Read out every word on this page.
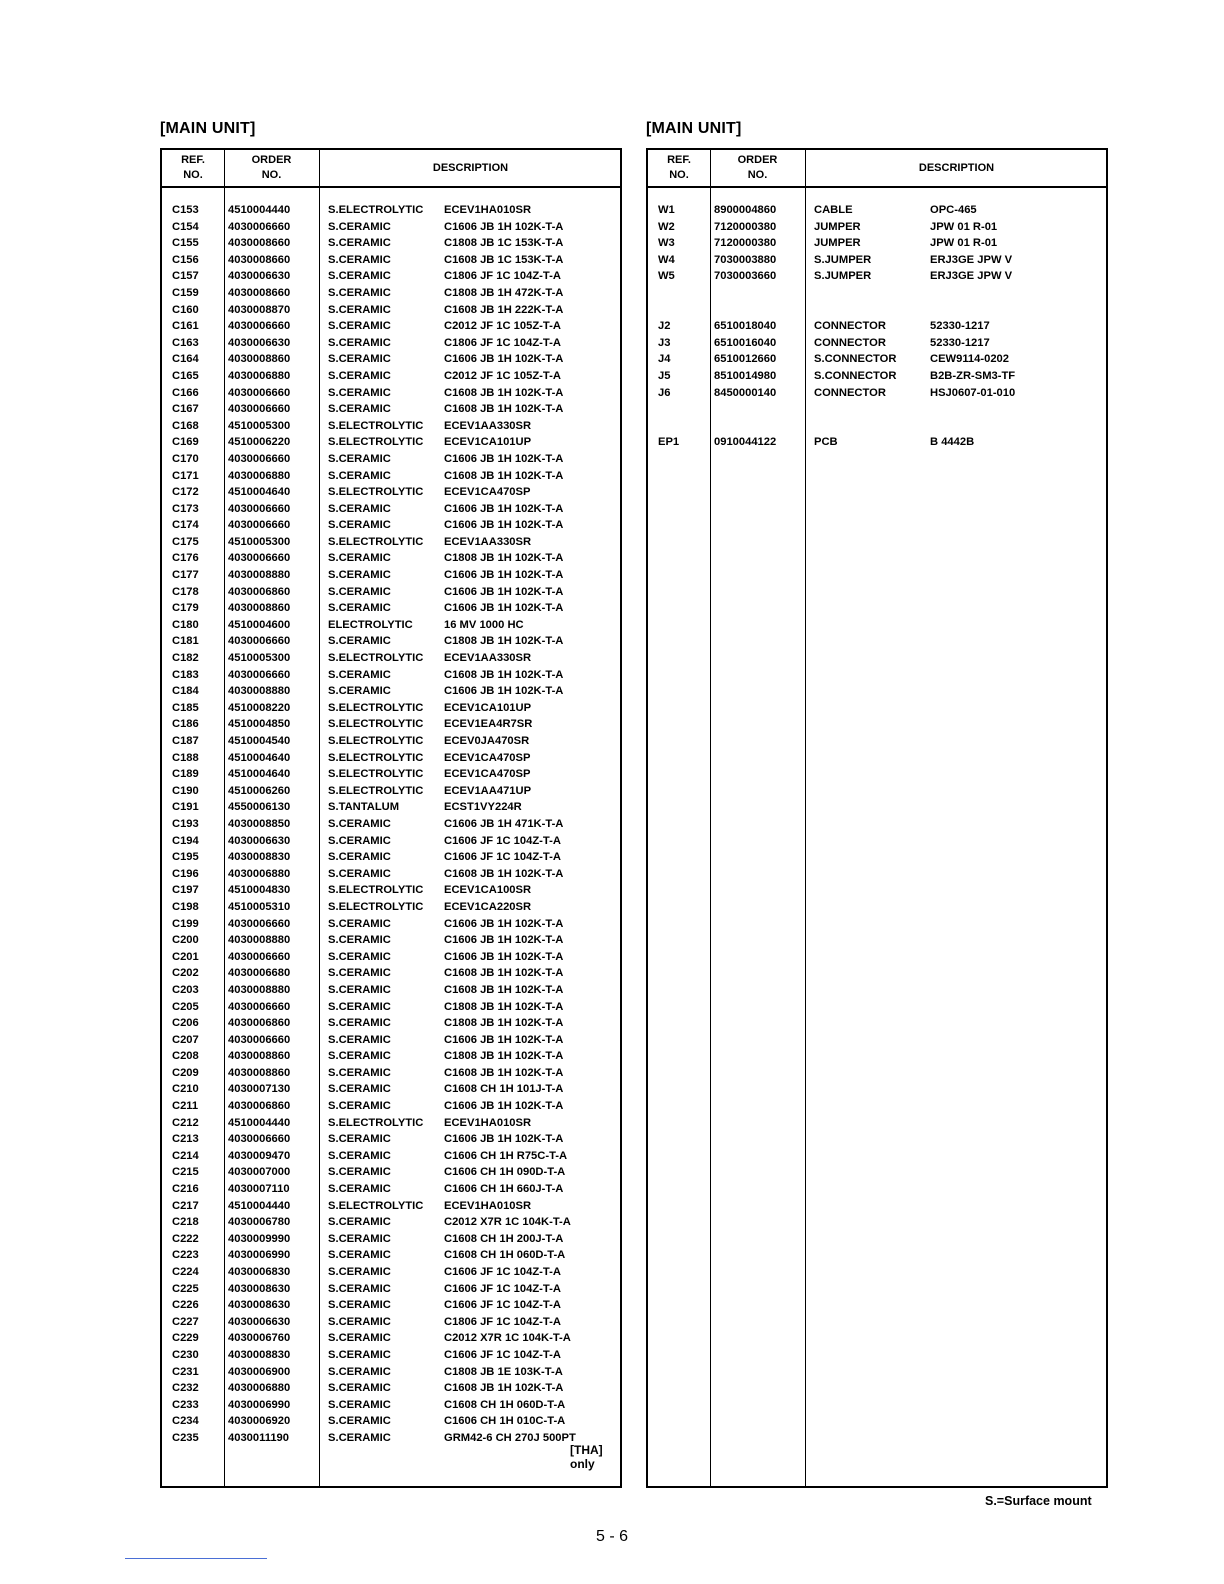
[MAIN UNIT]
REF.
NO.
ORDER
NO.
DESCRIPTION
C153	4510004440	S.ELECTROLYTIC ECEV1HA010SR
C154	4030006660	S.CERAMIC	C1606 JB 1H 102K-T-A
C155	4030008660	S.CERAMIC	C1808 JB 1C 153K-T-A
C156	4030008660	S.CERAMIC	C1608 JB 1C 153K-T-A
C157	4030006630	S.CERAMIC	C1806 JF 1C 104Z-T-A
C159	4030008660	S.CERAMIC	C1808 JB 1H 472K-T-A
C160	4030008870	S.CERAMIC	C1608 JB 1H 222K-T-A
C161	4030006660	S.CERAMIC	C2012 JF 1C 105Z-T-A
C163	4030006630	S.CERAMIC	C1806 JF 1C 104Z-T-A
C164	4030008860	S.CERAMIC	C1606 JB 1H 102K-T-A
C165	4030006880	S.CERAMIC	C2012 JF 1C 105Z-T-A
C166	4030006660	S.CERAMIC	C1608 JB 1H 102K-T-A
C167	4030006660	S.CERAMIC	C1608 JB 1H 102K-T-A
C168	4510005300	S.ELECTROLYTIC ECEV1AA330SR
C169	4510006220	S.ELECTROLYTIC ECEV1CA101UP
C170	4030006660	S.CERAMIC	C1606 JB 1H 102K-T-A
C171	4030006880	S.CERAMIC	C1608 JB 1H 102K-T-A
C172	4510004640	S.ELECTROLYTIC ECEV1CA470SP
C173	4030006660	S.CERAMIC	C1606 JB 1H 102K-T-A
C174	4030006660	S.CERAMIC	C1606 JB 1H 102K-T-A
C175	4510005300	S.ELECTROLYTIC ECEV1AA330SR
C176	4030006660	S.CERAMIC	C1808 JB 1H 102K-T-A
C177	4030008880	S.CERAMIC	C1606 JB 1H 102K-T-A
C178	4030006860	S.CERAMIC	C1606 JB 1H 102K-T-A
C179	4030008860	S.CERAMIC	C1606 JB 1H 102K-T-A
C180	4510004600	ELECTROLYTIC	16 MV 1000 HC
C181	4030006660	S.CERAMIC	C1808 JB 1H 102K-T-A
C182	4510005300	S.ELECTROLYTIC ECEV1AA330SR
C183	4030006660	S.CERAMIC	C1608 JB 1H 102K-T-A
C184	4030008880	S.CERAMIC	C1606 JB 1H 102K-T-A
C185	4510008220	S.ELECTROLYTIC ECEV1CA101UP
C186	4510004850	S.ELECTROLYTIC ECEV1EA4R7SR
C187	4510004540	S.ELECTROLYTIC ECEV0JA470SR
C188	4510004640	S.ELECTROLYTIC ECEV1CA470SP
C189	4510004640	S.ELECTROLYTIC ECEV1CA470SP
C190	4510006260	S.ELECTROLYTIC ECEV1AA471UP
C191	4550006130	S.TANTALUM	ECST1VY224R
C193	4030008850	S.CERAMIC	C1606 JB 1H 471K-T-A
C194	4030006630	S.CERAMIC	C1606 JF 1C 104Z-T-A
C195	4030008830	S.CERAMIC	C1606 JF 1C 104Z-T-A
C196	4030006880	S.CERAMIC	C1608 JB 1H 102K-T-A
C197	4510004830	S.ELECTROLYTIC ECEV1CA100SR
C198	4510005310	S.ELECTROLYTIC ECEV1CA220SR
C199	4030006660	S.CERAMIC	C1606 JB 1H 102K-T-A
C200	4030008880	S.CERAMIC	C1606 JB 1H 102K-T-A
C201	4030006660	S.CERAMIC	C1606 JB 1H 102K-T-A
C202	4030006680	S.CERAMIC	C1608 JB 1H 102K-T-A
C203	4030008880	S.CERAMIC	C1608 JB 1H 102K-T-A
C205	4030006660	S.CERAMIC	C1808 JB 1H 102K-T-A
C206	4030006860	S.CERAMIC	C1808 JB 1H 102K-T-A
C207	4030006660	S.CERAMIC	C1606 JB 1H 102K-T-A
C208	4030008860	S.CERAMIC	C1808 JB 1H 102K-T-A
C209	4030008860	S.CERAMIC	C1608 JB 1H 102K-T-A
C210	4030007130	S.CERAMIC	C1608 CH 1H 101J-T-A
C211	4030006860	S.CERAMIC	C1606 JB 1H 102K-T-A
C212	4510004440	S.ELECTROLYTIC ECEV1HA010SR
C213	4030006660	S.CERAMIC	C1606 JB 1H 102K-T-A
C214	4030009470	S.CERAMIC	C1606 CH 1H R75C-T-A
C215	4030007000	S.CERAMIC	C1606 CH 1H 090D-T-A
C216	4030007110	S.CERAMIC	C1606 CH 1H 660J-T-A
C217	4510004440	S.ELECTROLYTIC ECEV1HA010SR
C218	4030006780	S.CERAMIC	C2012 X7R 1C 104K-T-A
C222	4030009990	S.CERAMIC	C1608 CH 1H 200J-T-A
C223	4030006990	S.CERAMIC	C1608 CH 1H 060D-T-A
C224	4030006830	S.CERAMIC	C1606 JF 1C 104Z-T-A
C225	4030008630	S.CERAMIC	C1606 JF 1C 104Z-T-A
C226	4030008630	S.CERAMIC	C1606 JF 1C 104Z-T-A
C227	4030006630	S.CERAMIC	C1806 JF 1C 104Z-T-A
C229	4030006760	S.CERAMIC	C2012 X7R 1C 104K-T-A
C230	4030008830	S.CERAMIC	C1606 JF 1C 104Z-T-A
C231	4030006900	S.CERAMIC	C1808 JB 1E 103K-T-A
C232	4030006880	S.CERAMIC	C1608 JB 1H 102K-T-A
C233	4030006990	S.CERAMIC	C1608 CH 1H 060D-T-A
C234	4030006920	S.CERAMIC	C1606 CH 1H 010C-T-A
C235	4030011190	S.CERAMIC	GRM42-6 CH 270J 500PT
[THA] only
[MAIN UNIT]
REF.
NO.
ORDER
NO.
DESCRIPTION
W1	8900004860	CABLE	OPC-465
W2	7120000380	JUMPER	JPW 01 R-01
W3	7120000380	JUMPER	JPW 01 R-01
W4	7030003880	S.JUMPER	ERJ3GE JPW V
W5	7030003660	S.JUMPER	ERJ3GE JPW V
J2	6510018040	CONNECTOR	52330-1217
J3	6510016040	CONNECTOR	52330-1217
J4	6510012660	S.CONNECTOR	CEW9114-0202
J5	8510014980	S.CONNECTOR	B2B-ZR-SM3-TF
J6	8450000140	CONNECTOR	HSJ0607-01-010
EP1	0910044122	PCB	B 4442B
S.=Surface mount
5 - 6
